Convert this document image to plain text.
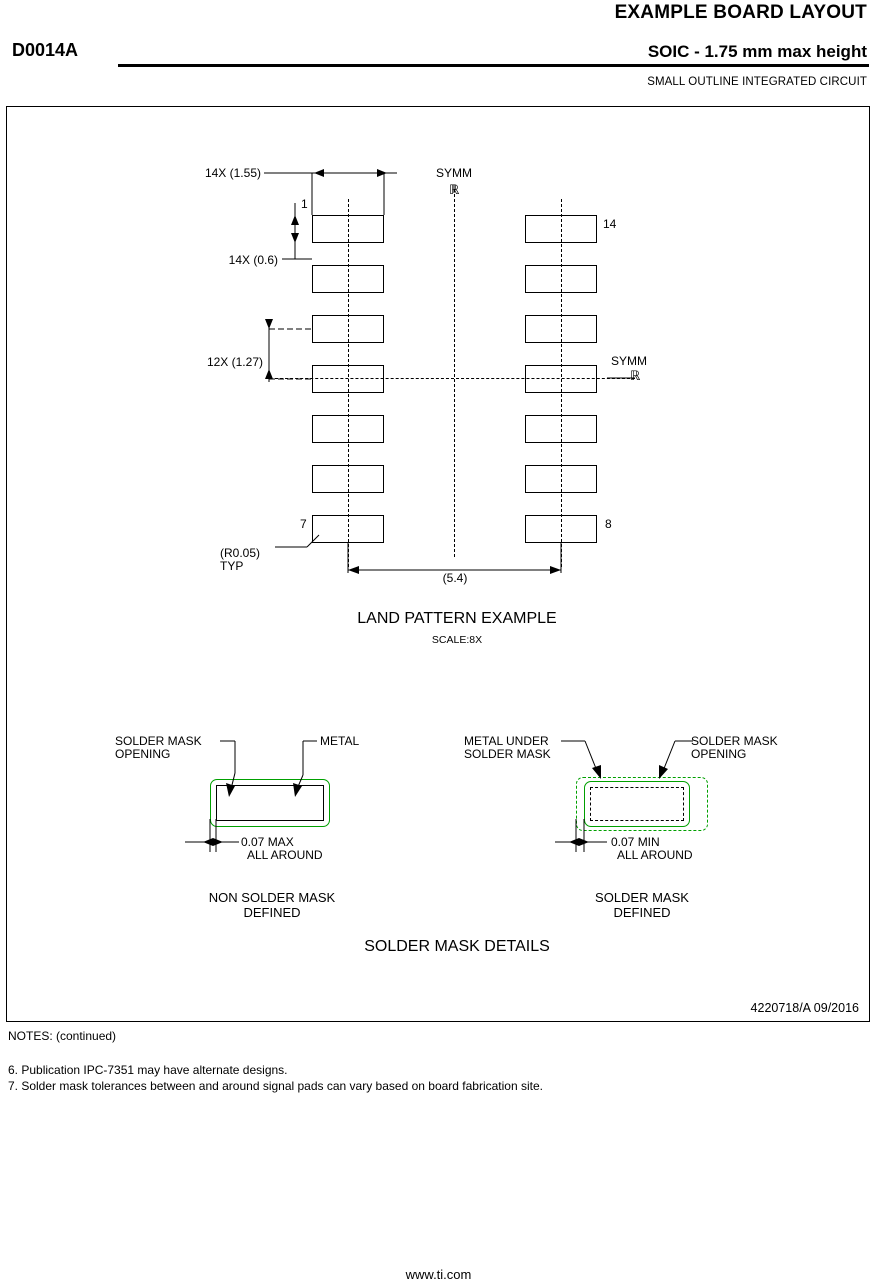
EXAMPLE BOARD LAYOUT
D0014A	SOIC - 1.75 mm max height
SMALL OUTLINE INTEGRATED CIRCUIT
14X (1.55)
14X (0.6)
12X (1.27)
(5.4)
(R0.05)
TYP
SYMM
ℝ
SYMM
ℝ
1
14
7	8
LAND PATTERN EXAMPLE
SCALE:8X
SOLDER MASK
OPENING
METAL
0.07 MAX
ALL AROUND
NON SOLDER MASK
DEFINED
METAL UNDER
SOLDER MASK
SOLDER MASK
OPENING
0.07 MIN
ALL AROUND
SOLDER MASK
DEFINED
SOLDER MASK DETAILS
4220718/A 09/2016
NOTES: (continued)
6. Publication IPC-7351 may have alternate designs.
7. Solder mask tolerances between and around signal pads can vary based on board fabrication site.
www.ti.com
